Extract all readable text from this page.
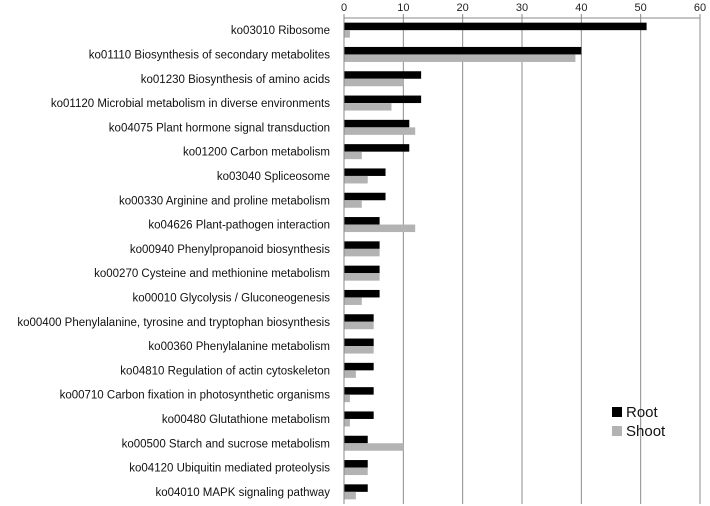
0	10	20	30	40	50	60
ko03010 Ribosome
ko01110 Biosynthesis of secondary metabolites
ko01230 Biosynthesis of amino acids
ko01120 Microbial metabolism in diverse environments
ko04075 Plant hormone signal transduction
ko01200 Carbon metabolism
ko03040 Spliceosome
ko00330 Arginine and proline metabolism
ko04626 Plant-pathogen interaction
ko00940 Phenylpropanoid biosynthesis
ko00270 Cysteine and methionine metabolism
ko00010 Glycolysis / Gluconeogenesis
ko00400 Phenylalanine, tyrosine and tryptophan biosynthesis
ko00360 Phenylalanine metabolism
ko04810 Regulation of actin cytoskeleton
ko00710 Carbon fixation in photosynthetic organisms
ko00480 Glutathione metabolism
ko00500 Starch and sucrose metabolism
ko04120 Ubiquitin mediated proteolysis
ko04010 MAPK signaling pathway
Root
Shoot
